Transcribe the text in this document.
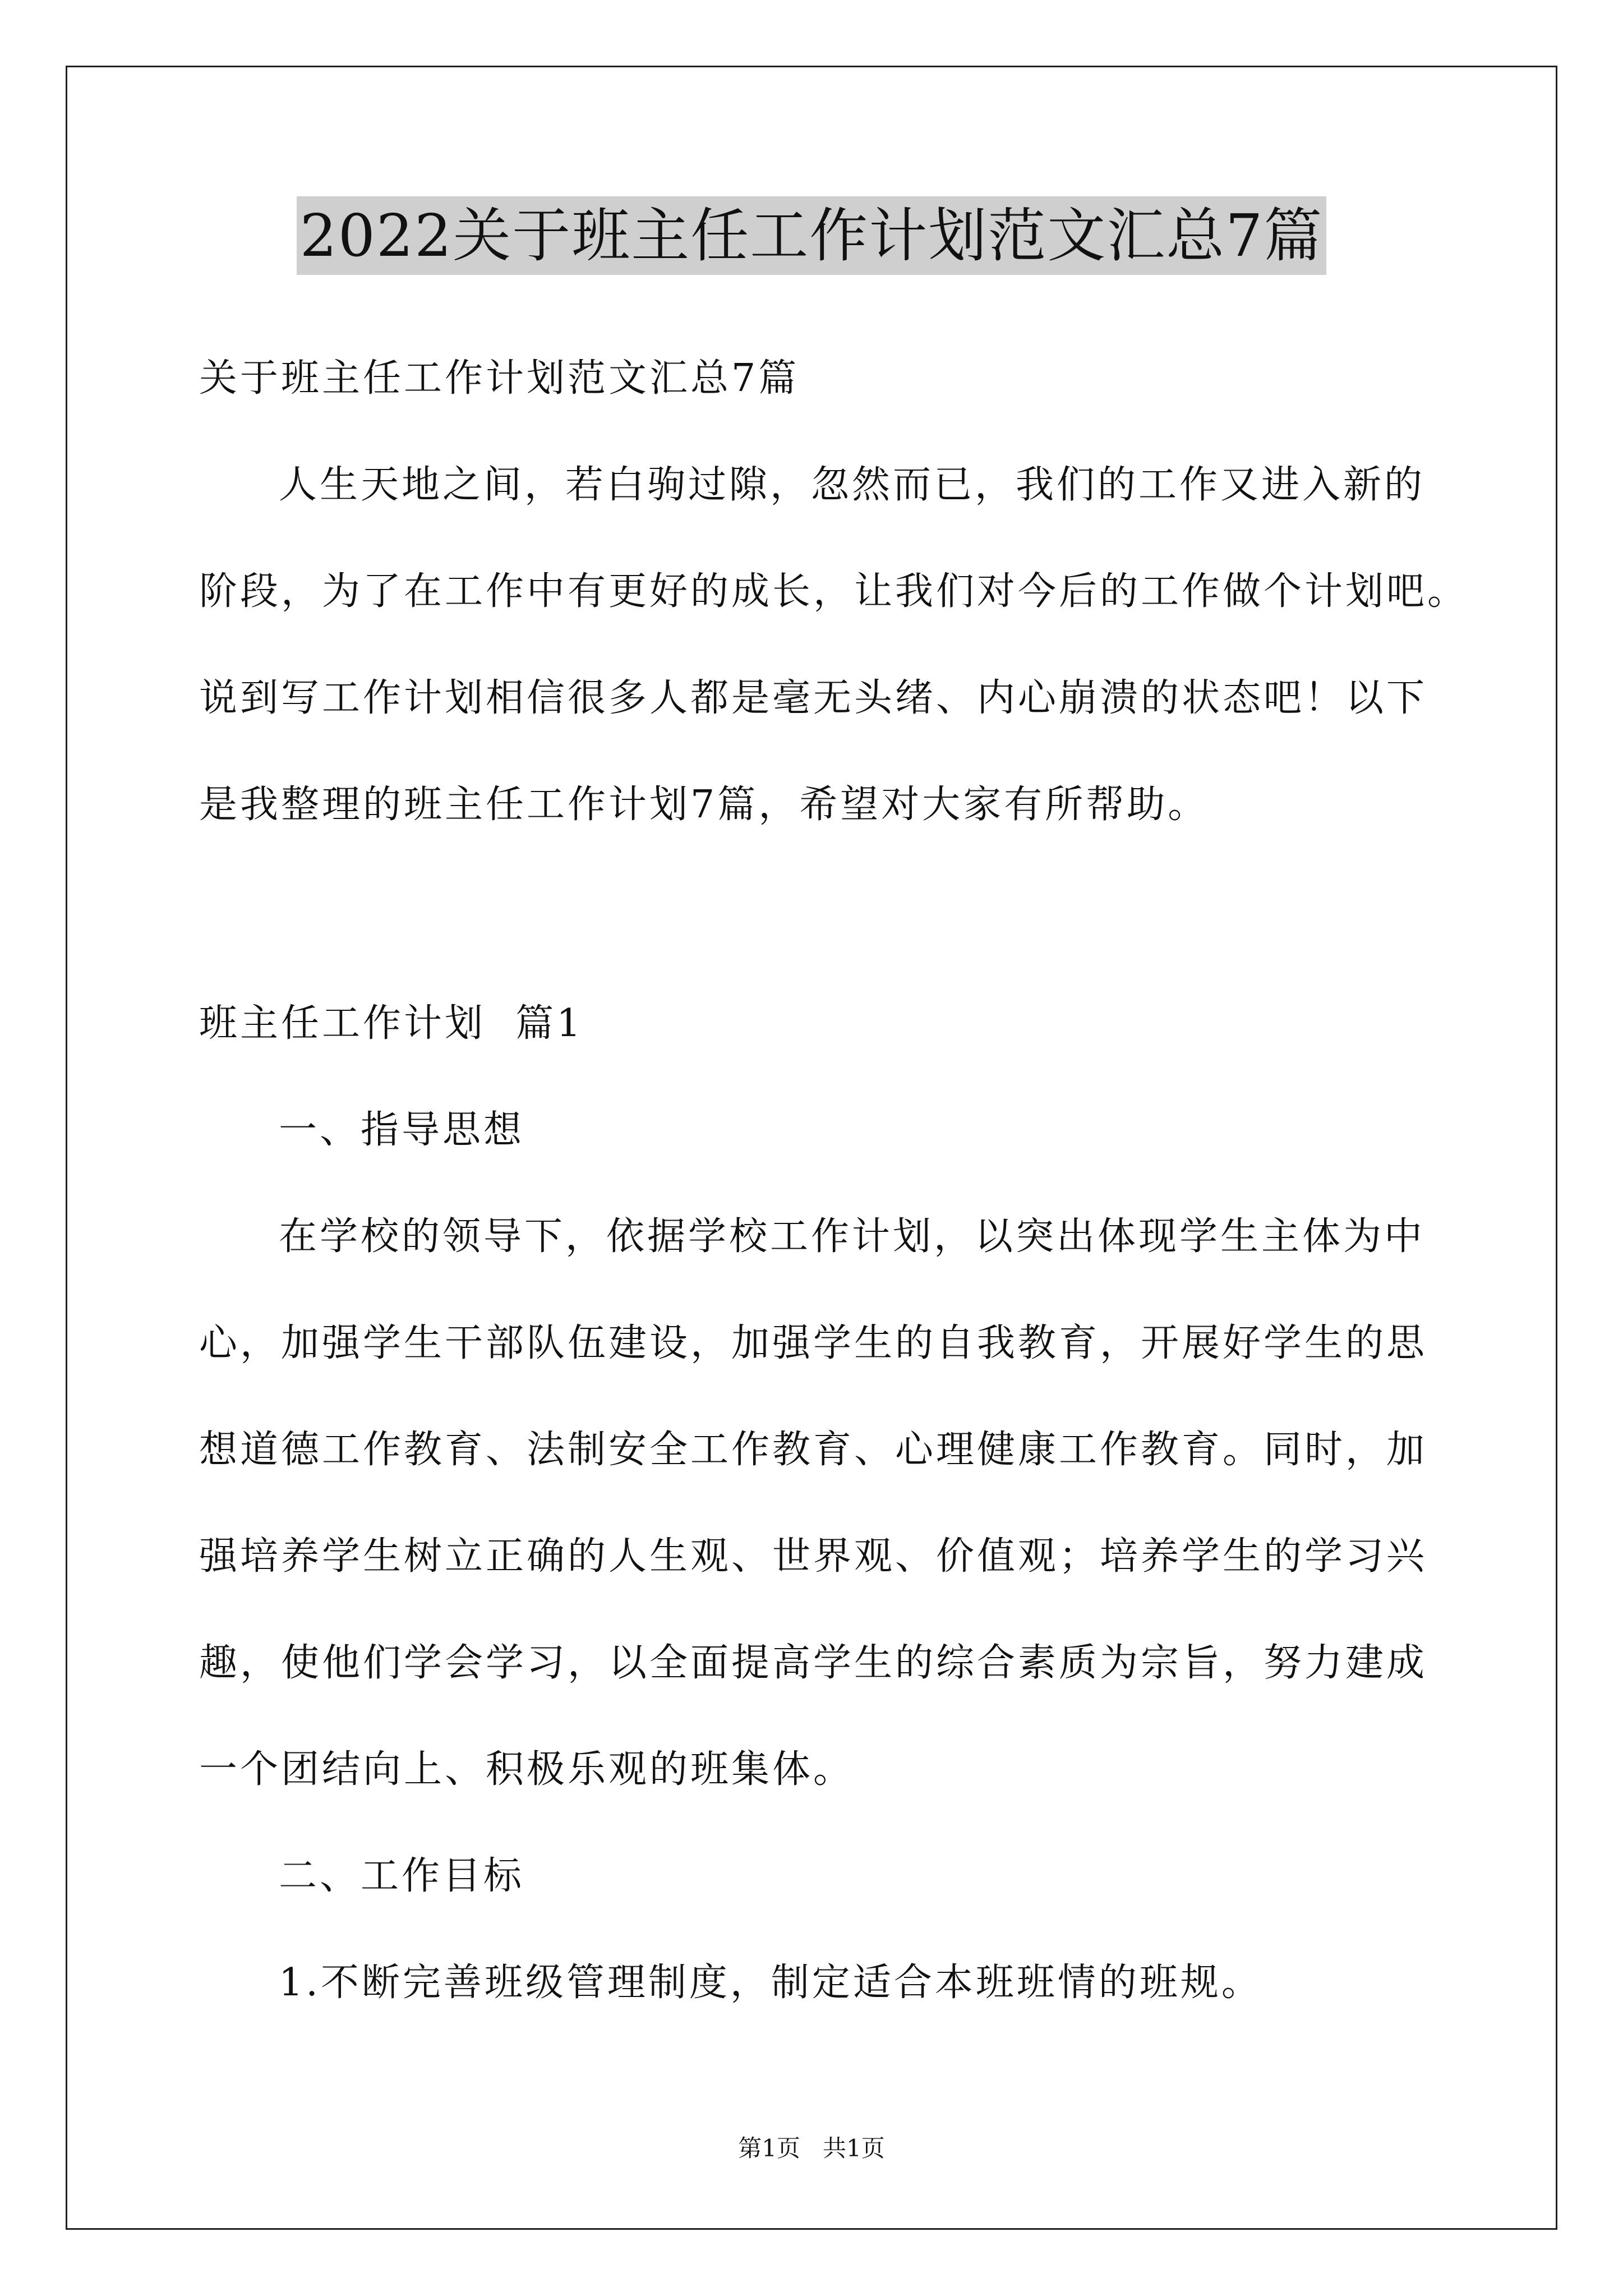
2022关于班主任工作计划范文汇总7篇
关于班主任工作计划范文汇总7篇
人生天地之间，若白驹过隙，忽然而已，我们的工作又进入新的
阶段，为了在工作中有更好的成长，让我们对今后的工作做个计划吧。
说到写工作计划相信很多人都是毫无头绪、内心崩溃的状态吧！以下
是我整理的班主任工作计划7篇，希望对大家有所帮助。
班主任工作计划  篇1
一、指导思想
在学校的领导下，依据学校工作计划，以突出体现学生主体为中
心，加强学生干部队伍建设，加强学生的自我教育，开展好学生的思
想道德工作教育、法制安全工作教育、心理健康工作教育。同时，加
强培养学生树立正确的人生观、世界观、价值观；培养学生的学习兴
趣，使他们学会学习，以全面提高学生的综合素质为宗旨，努力建成
一个团结向上、积极乐观的班集体。
二、工作目标
1.不断完善班级管理制度，制定适合本班班情的班规。
第1页 共1页
